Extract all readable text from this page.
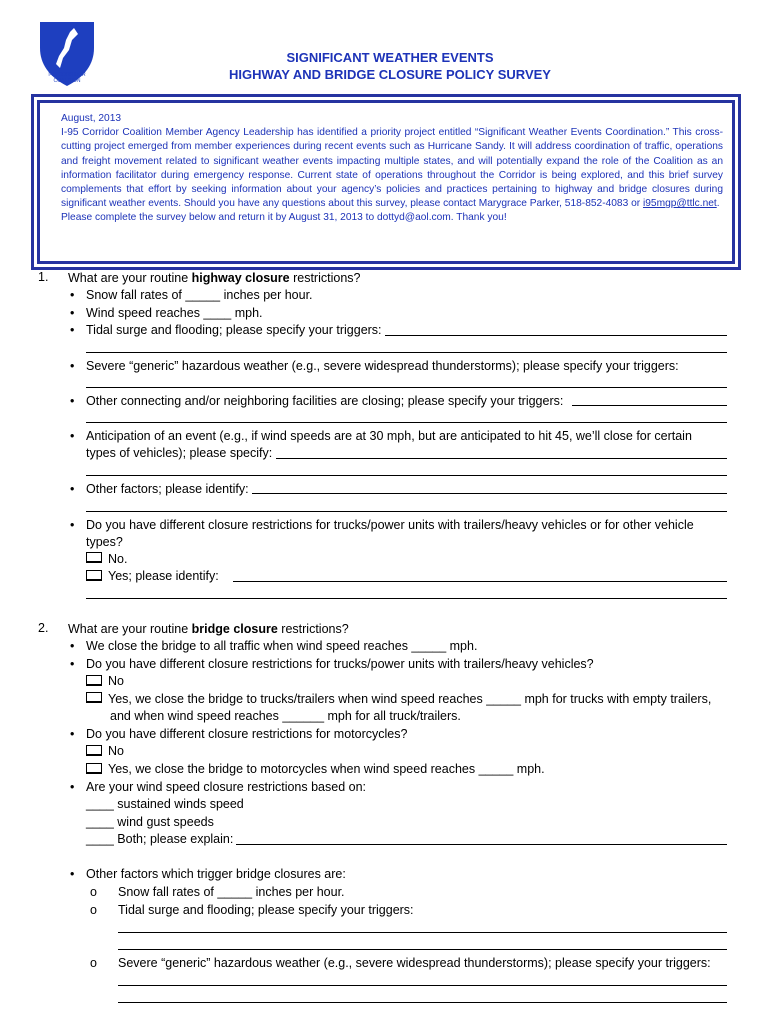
I-95 CORRIDOR COALITION
SIGNIFICANT WEATHER EVENTS
HIGHWAY AND BRIDGE CLOSURE POLICY SURVEY

August, 2013

I-95 Corridor Coalition Member Agency Leadership has identified a priority project entitled “Significant Weather Events Coordination.” This cross-cutting project emerged from member experiences during recent events such as Hurricane Sandy. It will address coordination of traffic, operations and freight movement related to significant weather events impacting multiple states, and will potentially expand the role of the Coalition as an information facilitator during emergency response. Current state of operations throughout the Corridor is being explored, and this brief survey complements that effort by seeking information about your agency’s policies and practices pertaining to highway and bridge closures during significant weather events. Should you have any questions about this survey, please contact Marygrace Parker, 518-852-4083 or i95mgp@ttlc.net.

Please complete the survey below and return it by August 31, 2013 to dottyd@aol.com. Thank you!

1. What are your routine highway closure restrictions?
• Snow fall rates of _____ inches per hour.
• Wind speed reaches ____ mph.
• Tidal surge and flooding; please specify your triggers:
• Severe “generic” hazardous weather (e.g., severe widespread thunderstorms); please specify your triggers:
• Other connecting and/or neighboring facilities are closing; please specify your triggers:
• Anticipation of an event (e.g., if wind speeds are at 30 mph, but are anticipated to hit 45, we’ll close for certain
types of vehicles); please specify:
• Other factors; please identify:
• Do you have different closure restrictions for trucks/power units with trailers/heavy vehicles or for other vehicle
types?
No.
Yes; please identify:
2. What are your routine bridge closure restrictions?
• We close the bridge to all traffic when wind speed reaches _____ mph.
• Do you have different closure restrictions for trucks/power units with trailers/heavy vehicles?
No
Yes, we close the bridge to trucks/trailers when wind speed reaches _____ mph for trucks with empty trailers,
and when wind speed reaches ______ mph for all truck/trailers.
• Do you have different closure restrictions for motorcycles?
No
Yes, we close the bridge to motorcycles when wind speed reaches _____ mph.
• Are your wind speed closure restrictions based on:
____ sustained winds speed
____ wind gust speeds
____ Both; please explain:
• Other factors which trigger bridge closures are:
o Snow fall rates of _____ inches per hour.
o Tidal surge and flooding; please specify your triggers:
o Severe “generic” hazardous weather (e.g., severe widespread thunderstorms); please specify your triggers:
